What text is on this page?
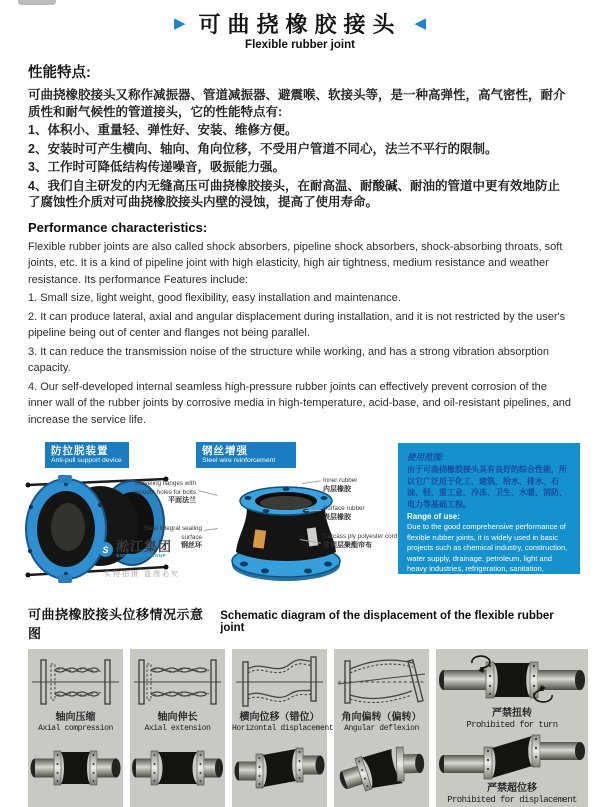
▶ 可曲挠橡胶接头 ◀
Flexible rubber joint
性能特点:

可曲挠橡胶接头又称作减振器、管道减振器、避震喉、软接头等，是一种高弹性，高气密性，耐介质性和耐气候性的管道接头，它的性能特点有:

1、体积小、重量轻、弹性好、安装、维修方便。

2、安装时可产生横向、轴向、角向位移，不受用户管道不同心，法兰不平行的限制。

3、工作时可降低结构传递噪音，吸振能力强。

4、我们自主研发的内无缝高压可曲挠橡胶接头，在耐高温、耐酸碱、耐油的管道中更有效地防止了腐蚀性介质对可曲挠橡胶接头内壁的浸蚀，提高了使用寿命。

Performance characteristics:

Flexible rubber joints are also called shock absorbers, pipeline shock absorbers, shock-absorbing throats, soft joints, etc. It is a kind of pipeline joint with high elasticity, high air tightness, medium resistance and weather resistance. Its performance Features include:

1. Small size, light weight, good flexibility, easy installation and maintenance.

2. It can produce lateral, axial and angular displacement during installation, and it is not restricted by the user's pipeline being out of center and flanges not being parallel.

3. It can reduce the transmission noise of the structure while working, and has a strong vibration absorption capacity.

4. Our self-developed internal seamless high-pressure rubber joints can effectively prevent corrosion of the inner wall of the rubber joints by corrosive media in high-temperature, acid-base, and oil-resistant pipelines, and increase the service life.

防拉脱装置
Anti-pull support device
钢丝增强
Steel wire reinforcement
Swiveling flanges with
smooth holes for bolts
平面法兰
Steel integral sealing surface
钢丝环
Inner rubber
内层橡胶
Surface rubber
表层橡胶
Carcass ply polyester cord
骨架层聚酯帘布
S 淞江集团
SONGJIANGGROUP
实物拍摄 盗图必究
使用范围:
由于可曲挠橡胶接头具有良好的综合性能，所以它广泛用于化工、建筑、给水、排水、石油、轻、重工业、冷冻、卫生、水暖、消防、电力等基础工程。
Range of use:
Due to the good comprehensive performance of flexible rubber joints, it is widely used in basic projects such as chemical industry, construction, water supply, drainage, petroleum, light and heavy industries, refrigeration, sanitation, plumbing, fire fighting, and electric power.
可曲挠橡胶接头位移情况示意图
Schematic diagram of the displacement of the flexible rubber joint
轴向压缩
Axial compression
轴向伸长
Axial extension
横向位移（错位）
Horizontal displacement
角向偏转（偏转）
Angular deflexion
严禁扭转
Prohibited for turn
严禁超位移
Prohibited for displacement
